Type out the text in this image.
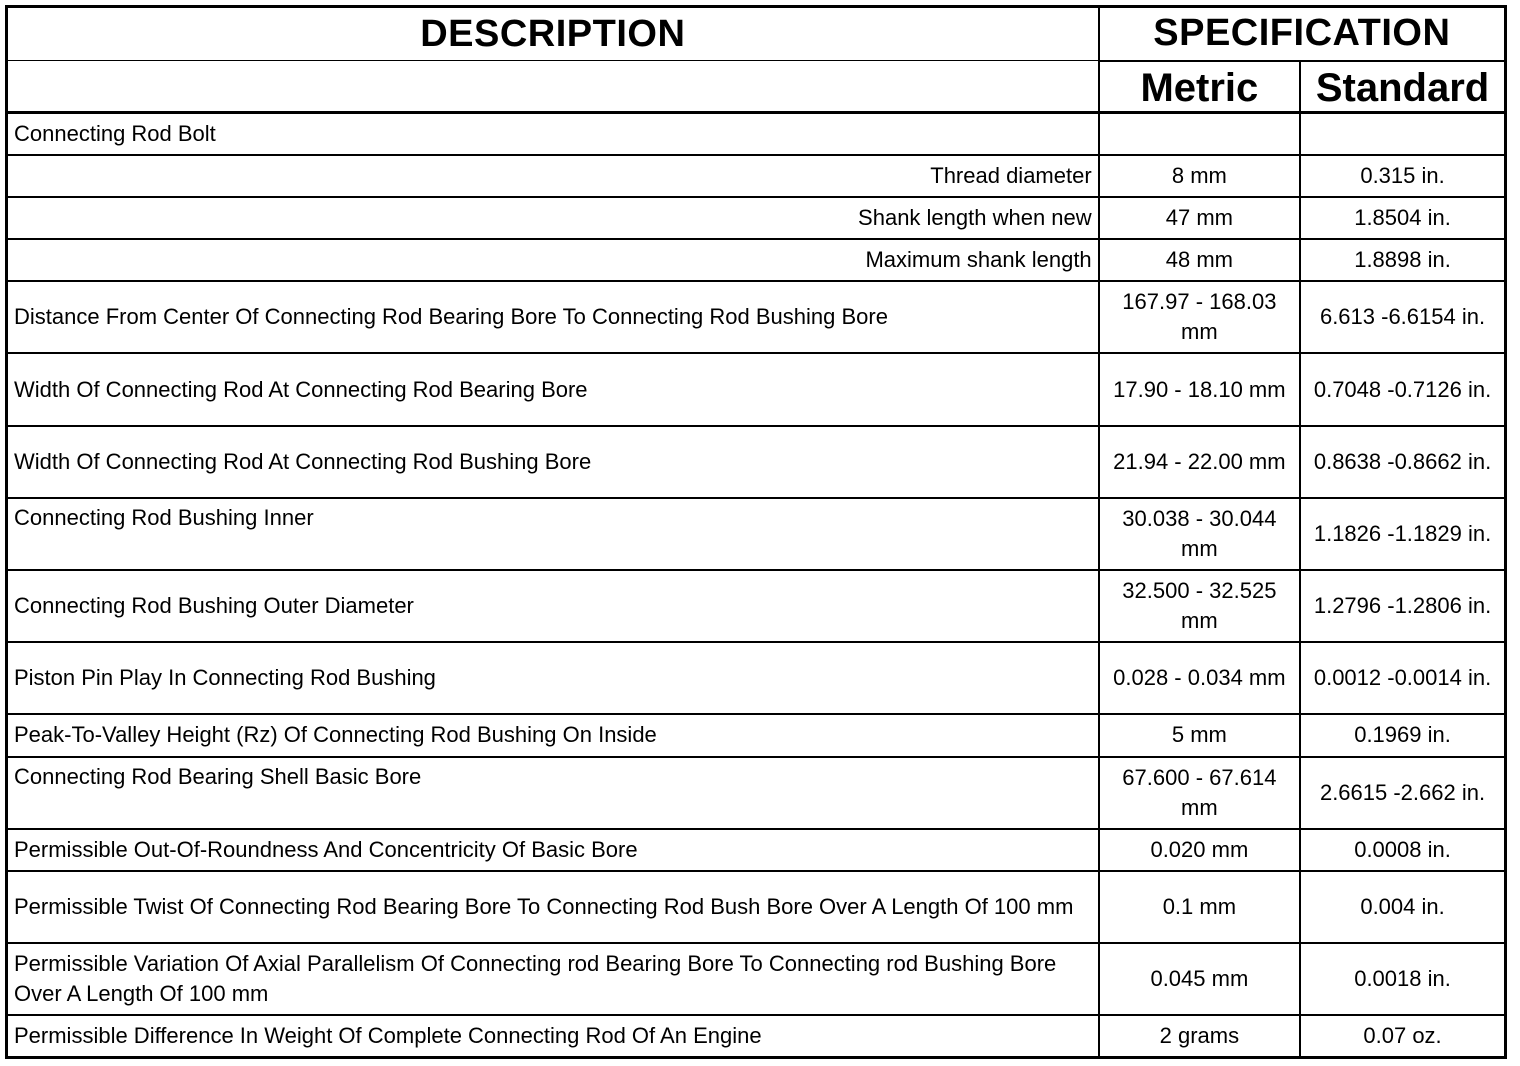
DESCRIPTION	SPECIFICATION	
	Metric	Standard
Connecting Rod Bolt		
Thread diameter	8 mm	0.315 in.
Shank length when new	47 mm	1.8504 in.
Maximum shank length	48 mm	1.8898 in.
Distance From Center Of Connecting Rod Bearing Bore To Connecting Rod Bushing Bore	167.97 - 168.03 mm	6.613 -6.6154 in.
Width Of Connecting Rod At Connecting Rod Bearing Bore	17.90 - 18.10 mm	0.7048 -0.7126 in.
Width Of Connecting Rod At Connecting Rod Bushing Bore	21.94 - 22.00 mm	0.8638 -0.8662 in.
Connecting Rod Bushing Inner	30.038 - 30.044 mm	1.1826 -1.1829 in.
Connecting Rod Bushing Outer Diameter	32.500 - 32.525 mm	1.2796 -1.2806 in.
Piston Pin Play In Connecting Rod Bushing	0.028 - 0.034 mm	0.0012 -0.0014 in.
Peak-To-Valley Height (Rz) Of Connecting Rod Bushing On Inside	5 mm	0.1969 in.
Connecting Rod Bearing Shell Basic Bore	67.600 - 67.614 mm	2.6615 -2.662 in.
Permissible Out-Of-Roundness And Concentricity Of Basic Bore	0.020 mm	0.0008 in.
Permissible Twist Of Connecting Rod Bearing Bore To Connecting Rod Bush Bore Over A Length Of 100 mm	0.1 mm	0.004 in.
Permissible Variation Of Axial Parallelism Of Connecting rod Bearing Bore To Connecting rod Bushing Bore Over A Length Of 100 mm	0.045 mm	0.0018 in.
Permissible Difference In Weight Of Complete Connecting Rod Of An Engine	2 grams	0.07 oz.
